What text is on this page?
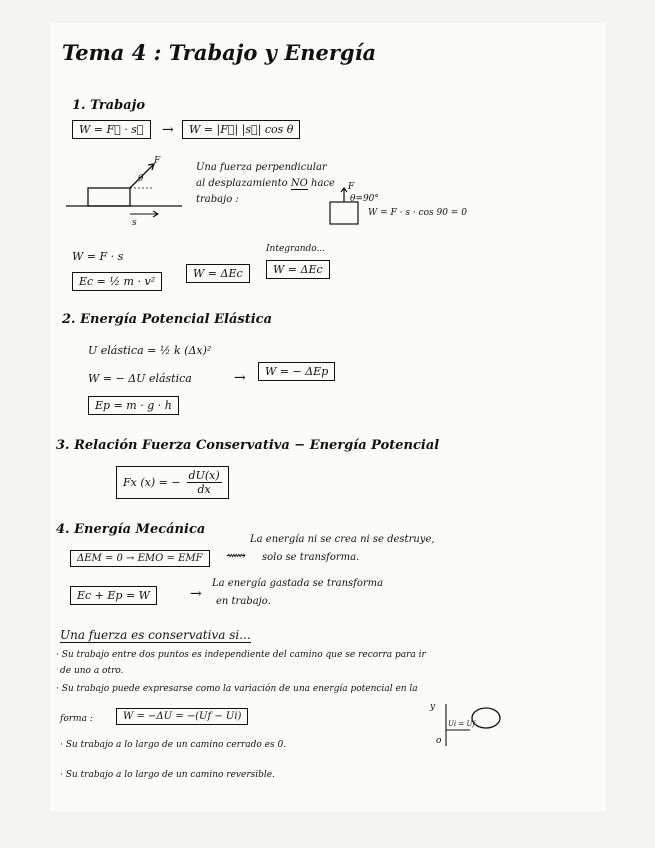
Tema 4 : Trabajo y Energía
1. Trabajo
W = F⃗ · s⃗	→	W = |F⃗| |s⃗| cos θ
F
θ
s
Una fuerza perpendicular
al desplazamiento NO hace
trabajo :
F
θ=90°
W = F · s · cos 90 = 0
W = F · s
Integrando...
Ec = ½ m · v²
W = ΔEc	W = ΔEc
2. Energía Potencial Elástica
U elástica = ½ k (Δx)²
W = − ΔU elástica	→	W = − ΔEp
Ep = m · g · h
3. Relación Fuerza Conservativa − Energía Potencial
Fx (x) = − $\frac{dU(x)}{dx}$
4. Energía Mecánica
ΔEM = 0 → EMO = EMF	⟿
La energía ni se crea ni se destruye,
solo se transforma.
Ec + Ep = W	→
La energía gastada se transforma
en trabajo.
Una fuerza es conservativa si...
· Su trabajo entre dos puntos es independiente del camino que se recorra para ir
de uno a otro.
· Su trabajo puede expresarse como la variación de una energía potencial en la
forma :	W = −ΔU = −(Uf − Ui)
y
o
Ui = Uf
· Su trabajo a lo largo de un camino cerrado es 0.
· Su trabajo a lo largo de un camino reversible.
